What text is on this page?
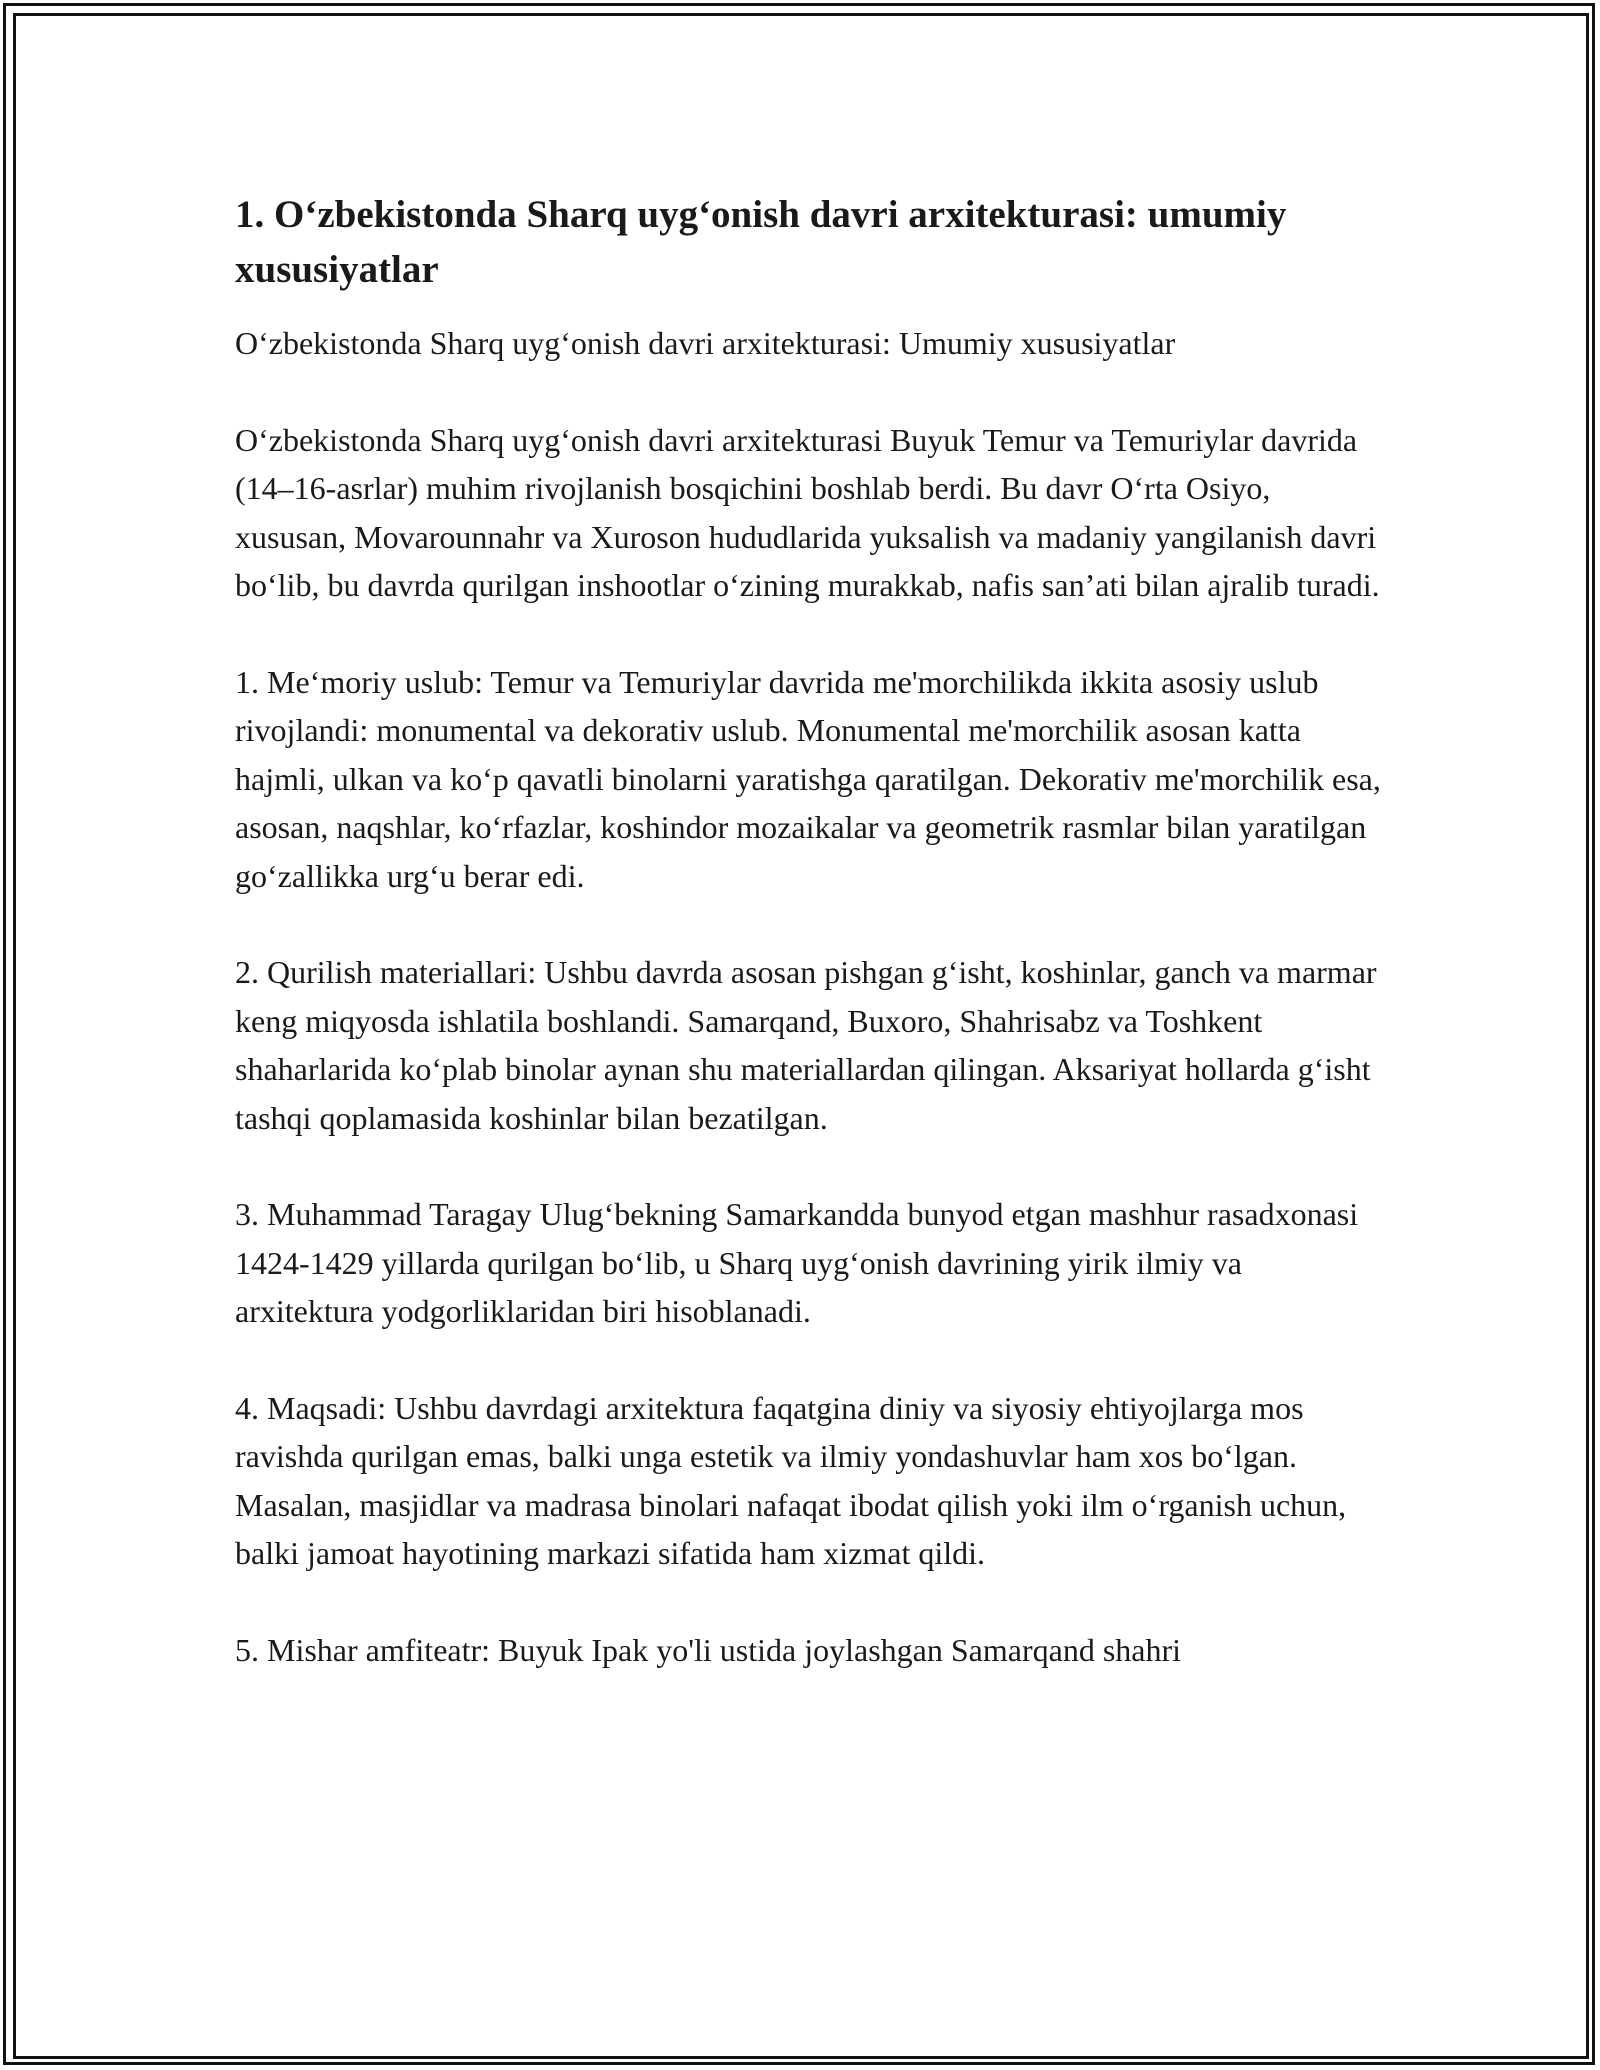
1. O‘zbekistonda Sharq uyg‘onish davri arxitekturasi: umumiy xususiyatlar

O‘zbekistonda Sharq uyg‘onish davri arxitekturasi: Umumiy xususiyatlar

O‘zbekistonda Sharq uyg‘onish davri arxitekturasi Buyuk Temur va Temuriylar davrida (14–16-asrlar) muhim rivojlanish bosqichini boshlab berdi. Bu davr O‘rta Osiyo, xususan, Movarounnahr va Xuroson hududlarida yuksalish va madaniy yangilanish davri bo‘lib, bu davrda qurilgan inshootlar o‘zining murakkab, nafis san’ati bilan ajralib turadi.

1. Me‘moriy uslub: Temur va Temuriylar davrida me'morchilikda ikkita asosiy uslub rivojlandi: monumental va dekorativ uslub. Monumental me'morchilik asosan katta hajmli, ulkan va ko‘p qavatli binolarni yaratishga qaratilgan. Dekorativ me'morchilik esa, asosan, naqshlar, ko‘rfazlar, koshindor mozaikalar va geometrik rasmlar bilan yaratilgan go‘zallikka urg‘u berar edi.

2. Qurilish materiallari: Ushbu davrda asosan pishgan g‘isht, koshinlar, ganch va marmar keng miqyosda ishlatila boshlandi. Samarqand, Buxoro, Shahrisabz va Toshkent shaharlarida ko‘plab binolar aynan shu materiallardan qilingan. Aksariyat hollarda g‘isht tashqi qoplamasida koshinlar bilan bezatilgan.

3. Muhammad Taragay Ulug‘bekning Samarkandda bunyod etgan mashhur rasadxonasi 1424-1429 yillarda qurilgan bo‘lib, u Sharq uyg‘onish davrining yirik ilmiy va arxitektura yodgorliklaridan biri hisoblanadi.

4. Maqsadi: Ushbu davrdagi arxitektura faqatgina diniy va siyosiy ehtiyojlarga mos ravishda qurilgan emas, balki unga estetik va ilmiy yondashuvlar ham xos bo‘lgan. Masalan, masjidlar va madrasa binolari nafaqat ibodat qilish yoki ilm o‘rganish uchun, balki jamoat hayotining markazi sifatida ham xizmat qildi.

5. Mishar amfiteatr: Buyuk Ipak yo'li ustida joylashgan Samarqand shahri
